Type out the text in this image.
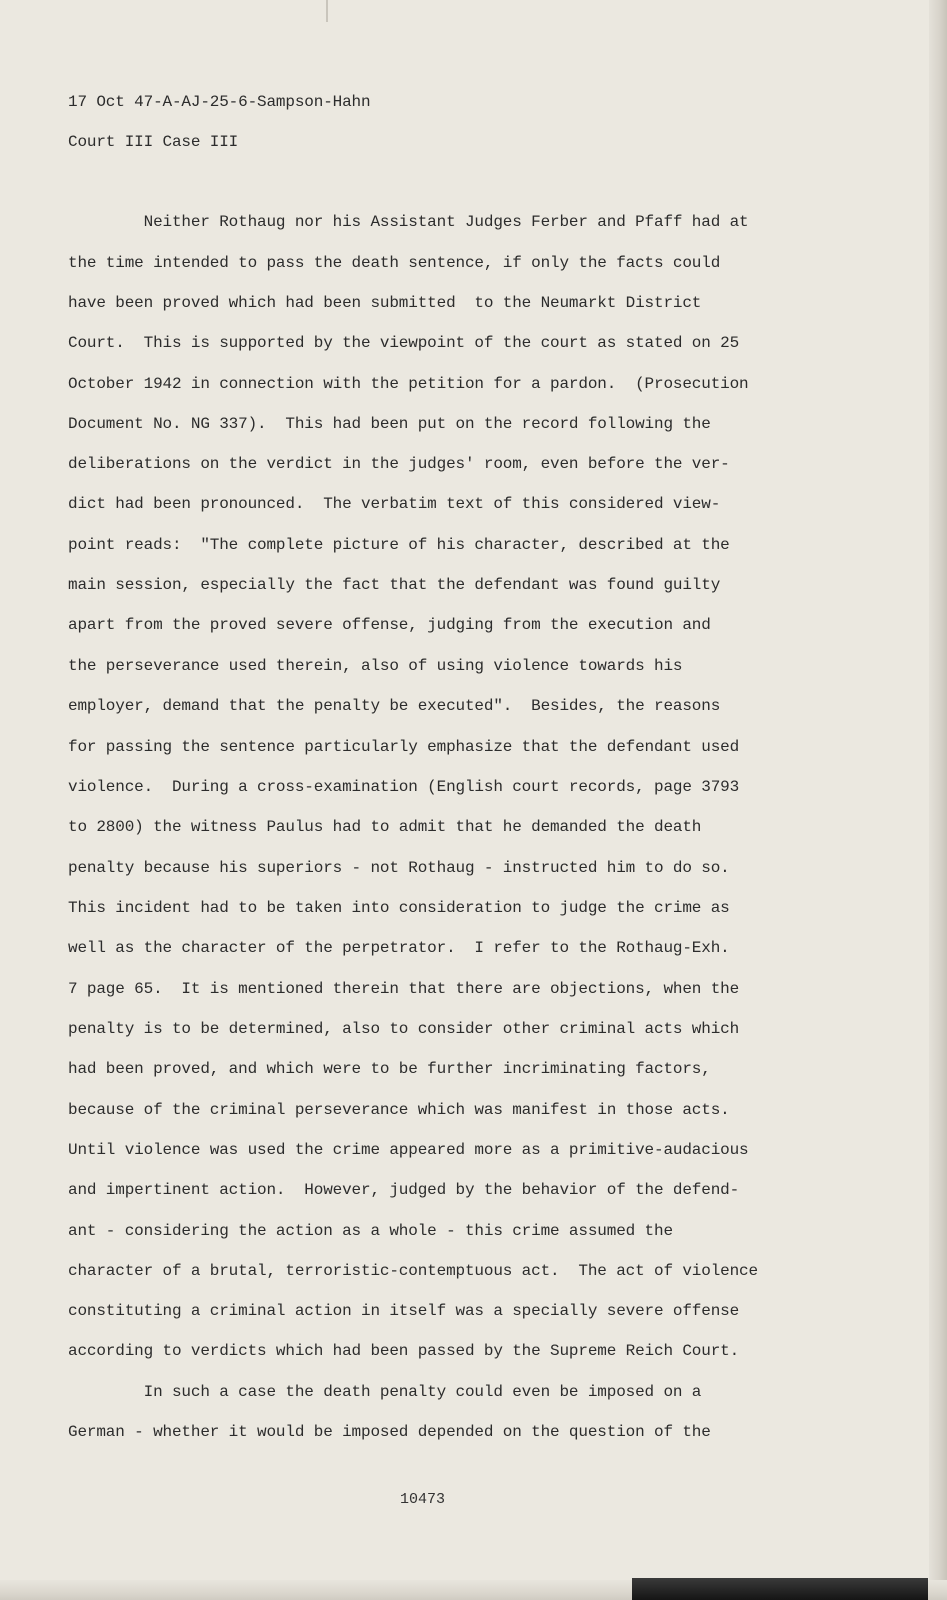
17 Oct 47-A-AJ-25-6-Sampson-Hahn
Court III Case III
Neither Rothaug nor his Assistant Judges Ferber and Pfaff had at
the time intended to pass the death sentence, if only the facts could
have been proved which had been submitted  to the Neumarkt District
Court.  This is supported by the viewpoint of the court as stated on 25
October 1942 in connection with the petition for a pardon.  (Prosecution
Document No. NG 337).  This had been put on the record following the
deliberations on the verdict in the judges' room, even before the ver-
dict had been pronounced.  The verbatim text of this considered view-
point reads:  "The complete picture of his character, described at the
main session, especially the fact that the defendant was found guilty
apart from the proved severe offense, judging from the execution and
the perseverance used therein, also of using violence towards his
employer, demand that the penalty be executed".  Besides, the reasons
for passing the sentence particularly emphasize that the defendant used
violence.  During a cross-examination (English court records, page 3793
to 2800) the witness Paulus had to admit that he demanded the death
penalty because his superiors - not Rothaug - instructed him to do so.
This incident had to be taken into consideration to judge the crime as
well as the character of the perpetrator.  I refer to the Rothaug-Exh.
7 page 65.  It is mentioned therein that there are objections, when the
penalty is to be determined, also to consider other criminal acts which
had been proved, and which were to be further incriminating factors,
because of the criminal perseverance which was manifest in those acts.
Until violence was used the crime appeared more as a primitive-audacious
and impertinent action.  However, judged by the behavior of the defend-
ant - considering the action as a whole - this crime assumed the
character of a brutal, terroristic-contemptuous act.  The act of violence
constituting a criminal action in itself was a specially severe offense
according to verdicts which had been passed by the Supreme Reich Court.
In such a case the death penalty could even be imposed on a
German - whether it would be imposed depended on the question of the
10473
